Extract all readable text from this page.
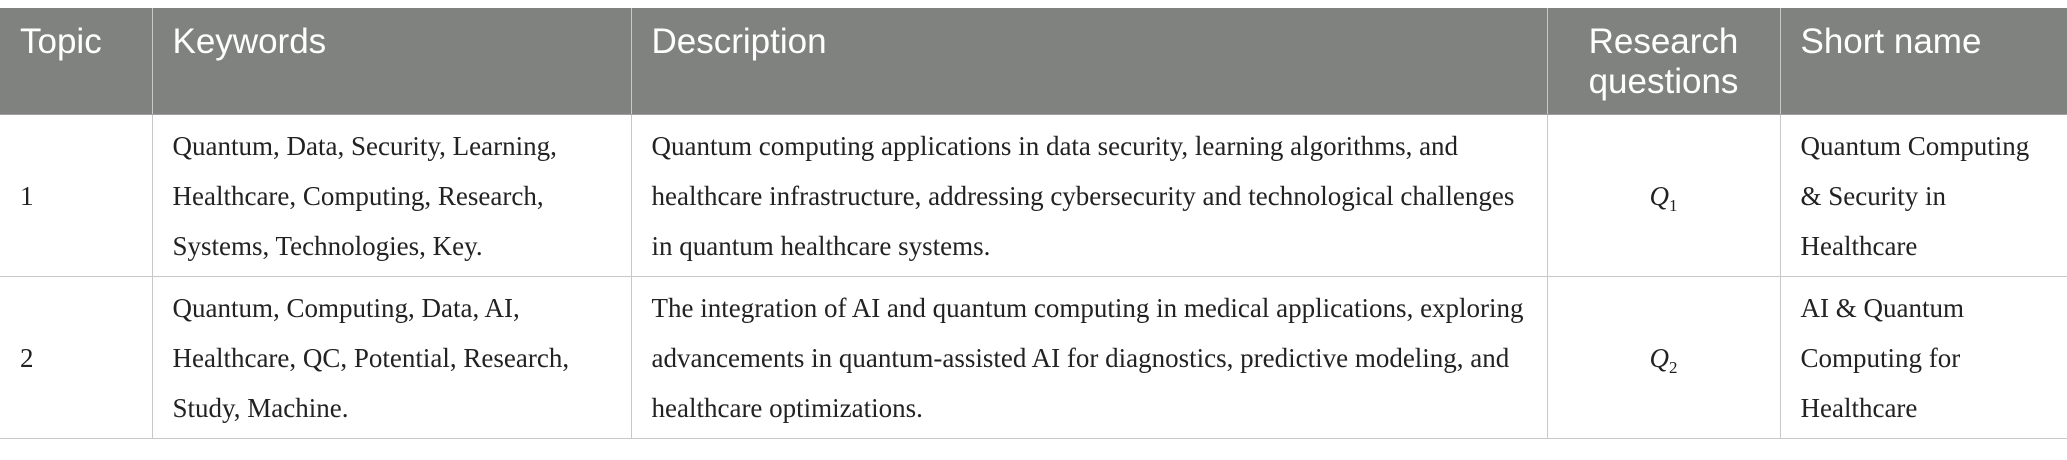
Topic	Keywords	Description	Research questions	Short name
1	Quantum, Data, Security, Learning, Healthcare, Computing, Research, Systems, Technologies, Key.	Quantum computing applications in data security, learning algorithms, and healthcare infrastructure, addressing cybersecurity and technological challenges in quantum healthcare systems.	$Q_1$	Quantum Computing & Security in Healthcare
2	Quantum, Computing, Data, AI, Healthcare, QC, Potential, Research, Study, Machine.	The integration of AI and quantum computing in medical applications, exploring advancements in quantum-assisted AI for diagnostics, predictive modeling, and healthcare optimizations.	$Q_2$	AI & Quantum Computing for Healthcare
